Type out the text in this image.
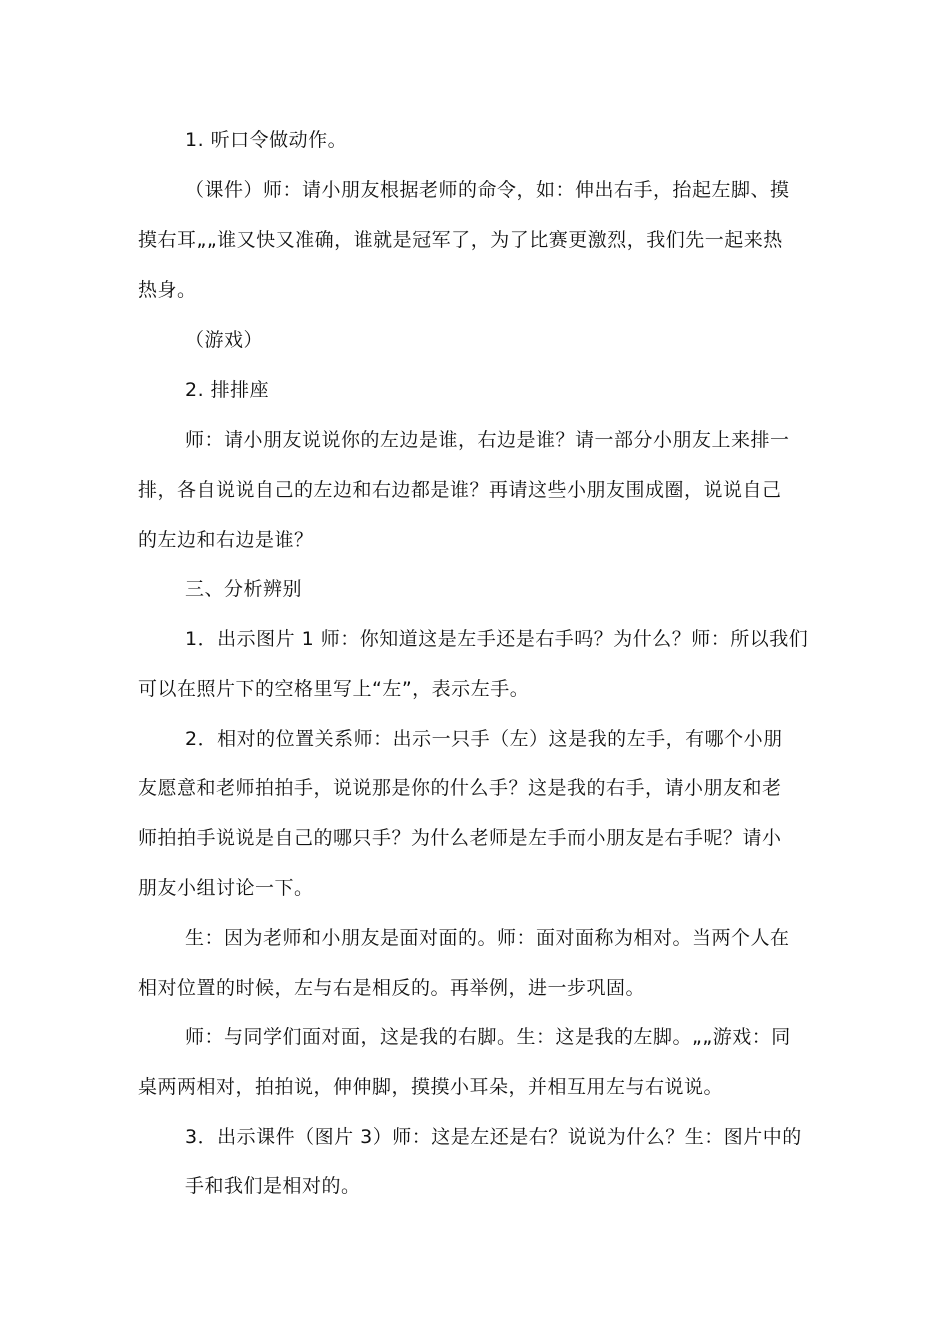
1. 听口令做动作。
（课件）师：请小朋友根据老师的命令，如：伸出右手，抬起左脚、摸
摸右耳„„谁又快又准确，谁就是冠军了，为了比赛更激烈，我们先一起来热
热身。
（游戏）
2. 排排座
师：请小朋友说说你的左边是谁，右边是谁？请一部分小朋友上来排一
排，各自说说自己的左边和右边都是谁？再请这些小朋友围成圈，说说自己
的左边和右边是谁？
三、分析辨别
1．出示图片 1 师：你知道这是左手还是右手吗？为什么？师：所以我们
可以在照片下的空格里写上“左”，表示左手。
2．相对的位置关系师：出示一只手（左）这是我的左手，有哪个小朋
友愿意和老师拍拍手，说说那是你的什么手？这是我的右手，请小朋友和老
师拍拍手说说是自己的哪只手？为什么老师是左手而小朋友是右手呢？请小
朋友小组讨论一下。
生：因为老师和小朋友是面对面的。师：面对面称为相对。当两个人在
相对位置的时候，左与右是相反的。再举例，进一步巩固。
师：与同学们面对面，这是我的右脚。生：这是我的左脚。„„游戏：同
桌两两相对，拍拍说，伸伸脚，摸摸小耳朵，并相互用左与右说说。
3．出示课件（图片 3）师：这是左还是右？说说为什么？生：图片中的
手和我们是相对的。
